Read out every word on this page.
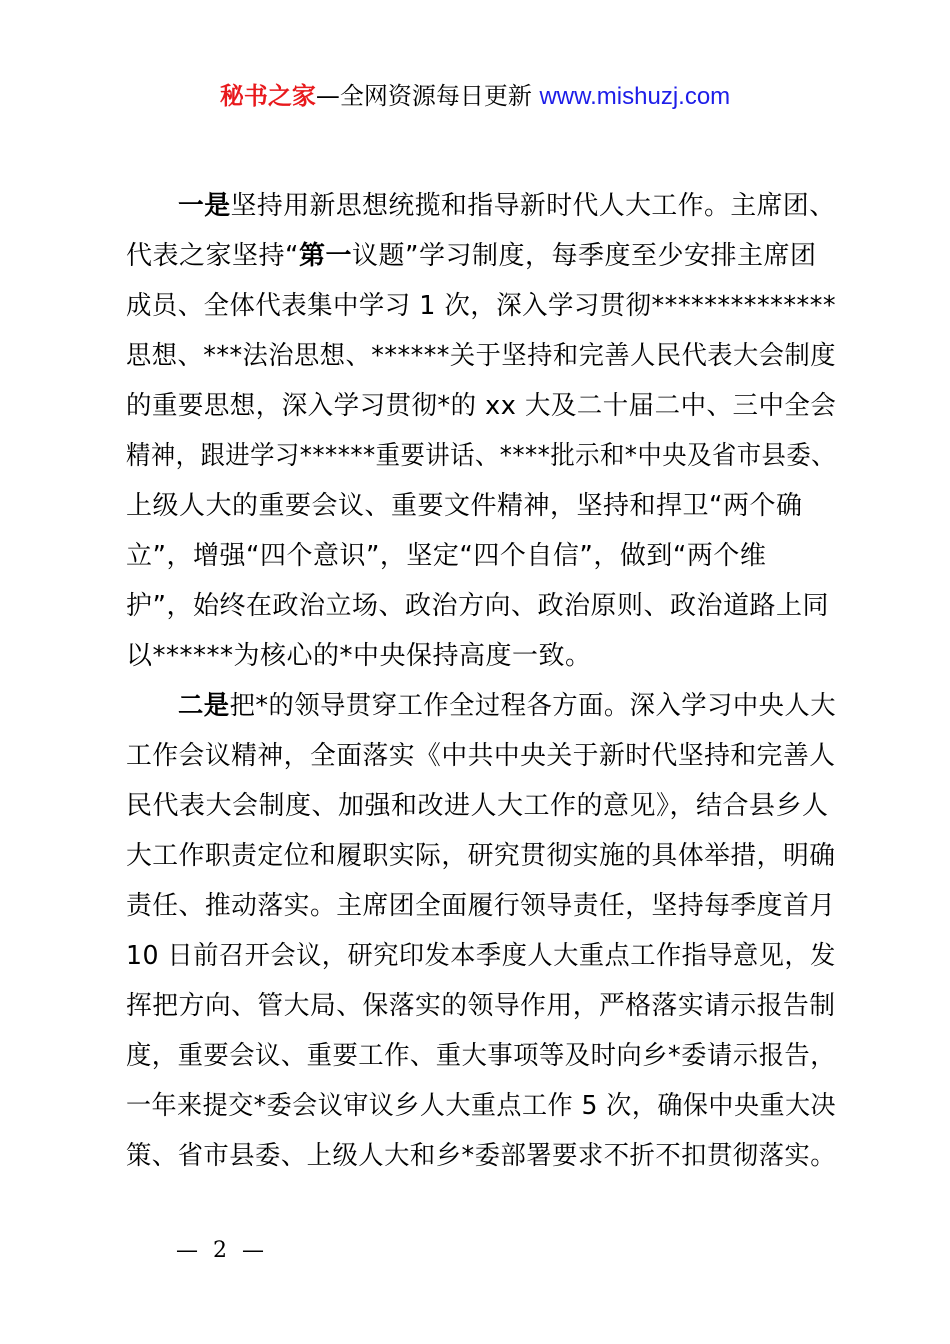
秘书之家—全网资源每日更新 www.mishuzj.com
一是坚持用新思想统揽和指导新时代人大工作。主席团、
代表之家坚持“第一议题”学习制度，每季度至少安排主席团
成员、全体代表集中学习 1 次，深入学习贯彻**************
思想、***法治思想、******关于坚持和完善人民代表大会制度
的重要思想，深入学习贯彻*的 xx 大及二十届二中、三中全会
精神，跟进学习******重要讲话、****批示和*中央及省市县委、
上级人大的重要会议、重要文件精神，坚持和捍卫“两个确
立”，增强“四个意识”，坚定“四个自信”，做到“两个维
护”，始终在政治立场、政治方向、政治原则、政治道路上同
以******为核心的*中央保持高度一致。
二是把*的领导贯穿工作全过程各方面。深入学习中央人大
工作会议精神，全面落实《中共中央关于新时代坚持和完善人
民代表大会制度、加强和改进人大工作的意见》，结合县乡人
大工作职责定位和履职实际，研究贯彻实施的具体举措，明确
责任、推动落实。主席团全面履行领导责任，坚持每季度首月
10 日前召开会议，研究印发本季度人大重点工作指导意见，发
挥把方向、管大局、保落实的领导作用，严格落实请示报告制
度，重要会议、重要工作、重大事项等及时向乡*委请示报告，
一年来提交*委会议审议乡人大重点工作 5 次，确保中央重大决
策、省市县委、上级人大和乡*委部署要求不折不扣贯彻落实。
— 2 —
